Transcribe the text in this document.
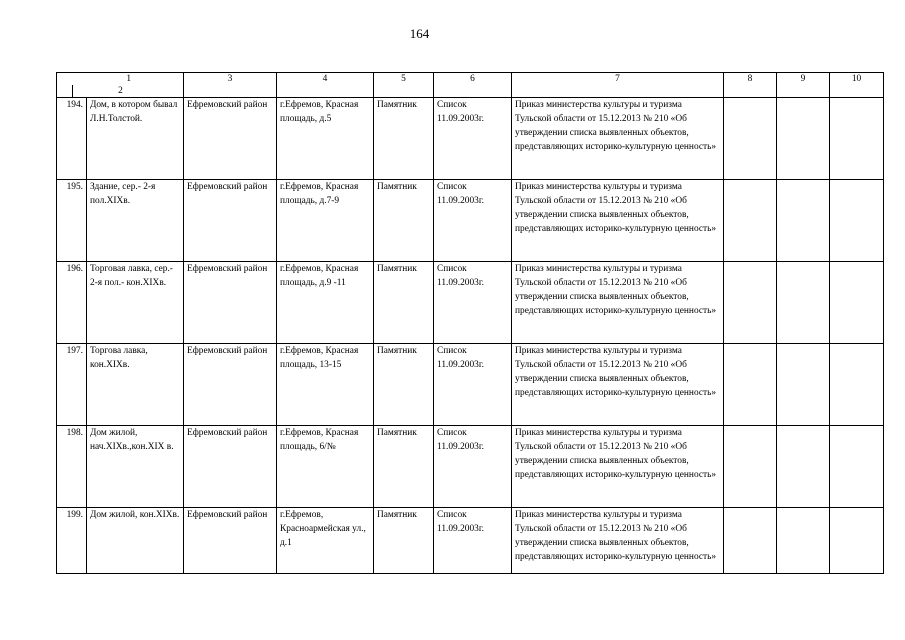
164
12		3	4	5	6	7	8	9	10
194.	Дом, в котором бывал Л.Н.Толстой.	Ефремовский район	г.Ефремов, Красная площадь, д.5	Памятник	Список 11.09.2003г.	Приказ министерства культуры и туризма Тульской области от 15.12.2013 № 210 «Об утверждении списка выявленных объектов, представляющих историко-культурную ценность»			
195.	Здание, сер.- 2-я пол.XIXв.	Ефремовский район	г.Ефремов, Красная площадь, д.7-9	Памятник	Список 11.09.2003г.	Приказ министерства культуры и туризма Тульской области от 15.12.2013 № 210 «Об утверждении списка выявленных объектов, представляющих историко-культурную ценность»			
196.	Торговая лавка, сер.- 2-я пол.- кон.XIXв.	Ефремовский район	г.Ефремов, Красная площадь, д.9 -11	Памятник	Список 11.09.2003г.	Приказ министерства культуры и туризма Тульской области от 15.12.2013 № 210 «Об утверждении списка выявленных объектов, представляющих историко-культурную ценность»			
197.	Торгова лавка, кон.XIXв.	Ефремовский район	г.Ефремов, Красная площадь, 13-15	Памятник	Список 11.09.2003г.	Приказ министерства культуры и туризма Тульской области от 15.12.2013 № 210 «Об утверждении списка выявленных объектов, представляющих историко-культурную ценность»			
198.	Дом жилой, нач.XIXв.,кон.XIX в.	Ефремовский район	г.Ефремов, Красная площадь, 6/№	Памятник	Список 11.09.2003г.	Приказ министерства культуры и туризма Тульской области от 15.12.2013 № 210 «Об утверждении списка выявленных объектов, представляющих историко-культурную ценность»			
199.	Дом жилой, кон.XIXв.	Ефремовский район	г.Ефремов, Красноармейская ул., д.1	Памятник	Список 11.09.2003г.	Приказ министерства культуры и туризма Тульской области от 15.12.2013 № 210 «Об утверждении списка выявленных объектов, представляющих историко-культурную ценность»			
